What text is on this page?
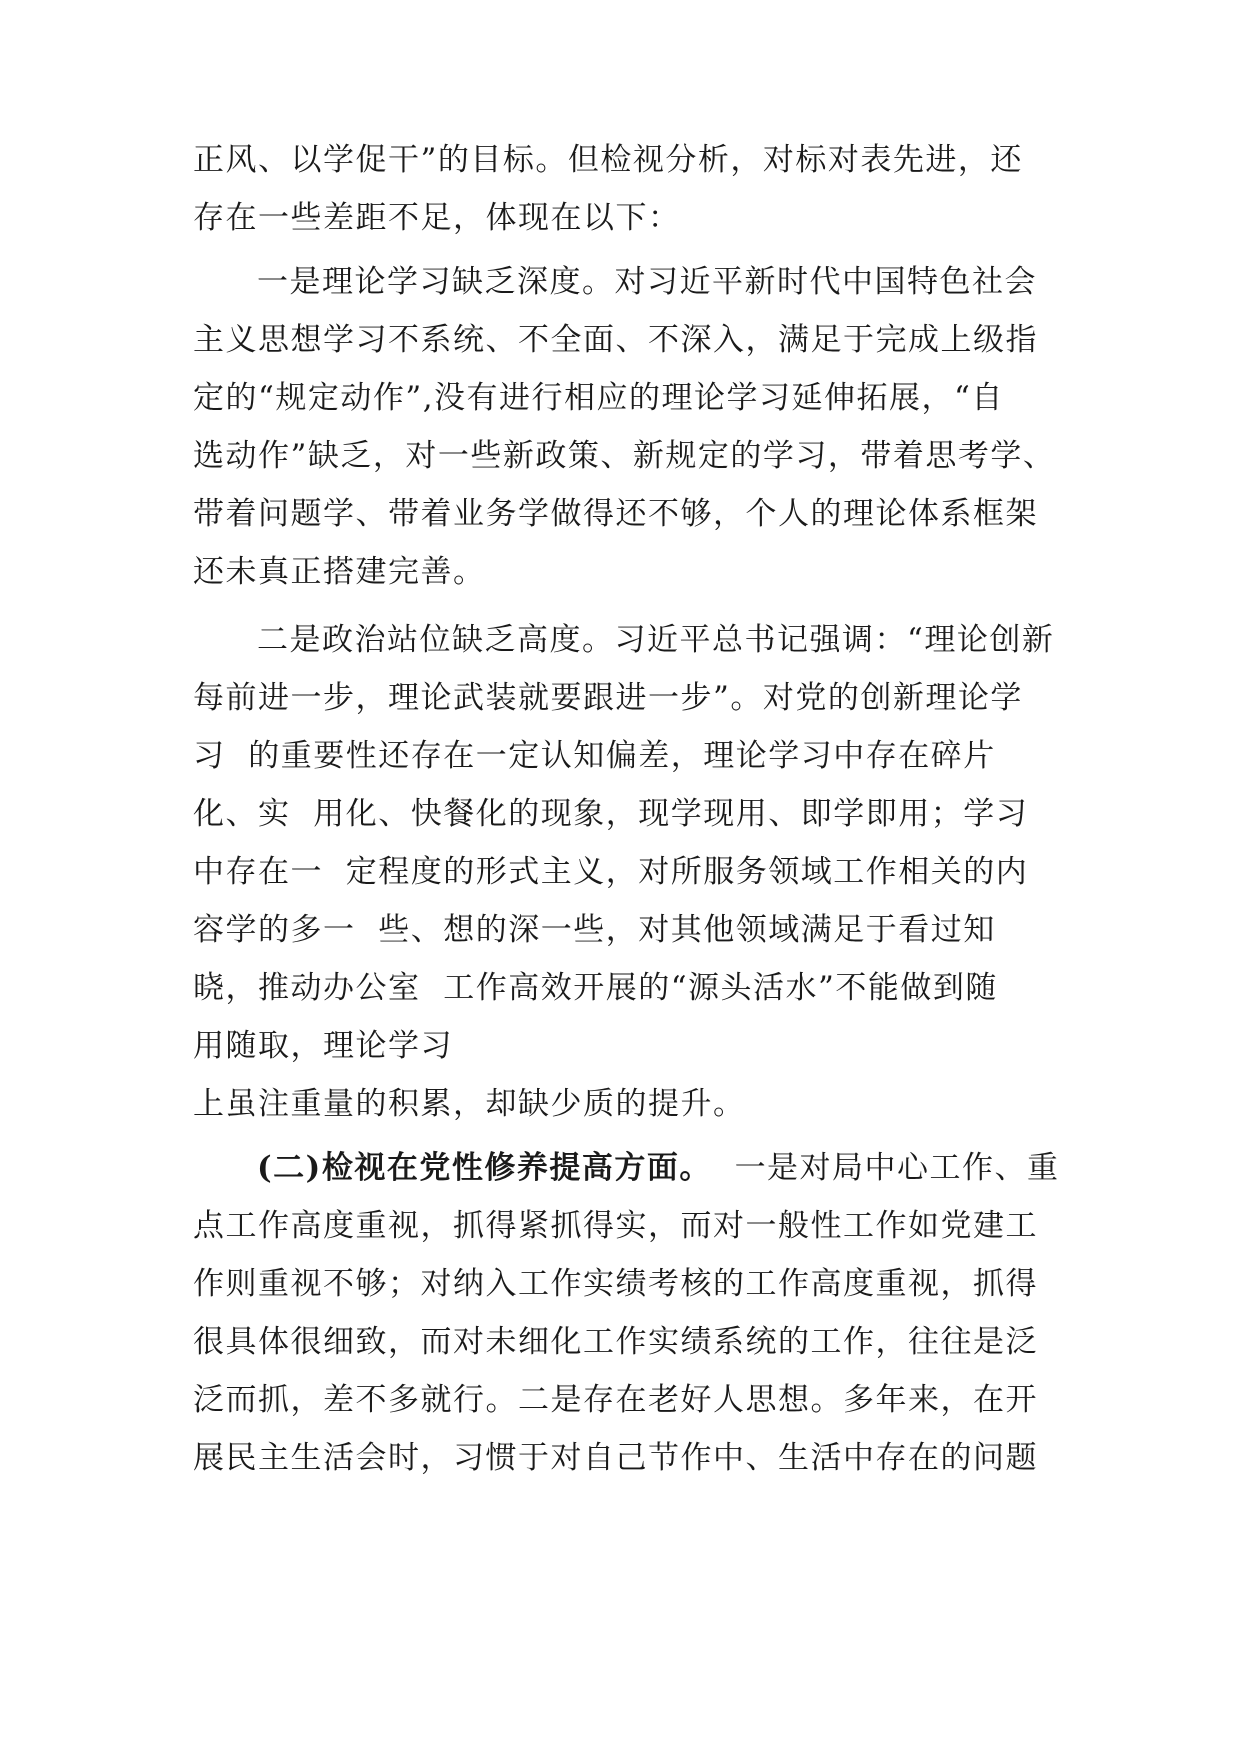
正风、以学促干”的目标。但检视分析，对标对表先进，还
存在一些差距不足，体现在以下：
一是理论学习缺乏深度。对习近平新时代中国特色社会
主义思想学习不系统、不全面、不深入，满足于完成上级指
定的“规定动作”,没有进行相应的理论学习延伸拓展，“自
选动作”缺乏，对一些新政策、新规定的学习，带着思考学、
带着问题学、带着业务学做得还不够，个人的理论体系框架
还未真正搭建完善。
二是政治站位缺乏高度。习近平总书记强调：“理论创新
每前进一步，理论武装就要跟进一步”。对党的创新理论学
习  的重要性还存在一定认知偏差，理论学习中存在碎片
化、实  用化、快餐化的现象，现学现用、即学即用；学习
中存在一  定程度的形式主义，对所服务领域工作相关的内
容学的多一  些、想的深一些，对其他领域满足于看过知
晓，推动办公室  工作高效开展的“源头活水”不能做到随
用随取，理论学习
上虽注重量的积累，却缺少质的提升。
(二)检视在党性修养提高方面。 一是对局中心工作、重
点工作高度重视，抓得紧抓得实，而对一般性工作如党建工
作则重视不够；对纳入工作实绩考核的工作高度重视，抓得
很具体很细致，而对未细化工作实绩系统的工作，往往是泛
泛而抓，差不多就行。二是存在老好人思想。多年来，在开
展民主生活会时，习惯于对自己节作中、生活中存在的问题
